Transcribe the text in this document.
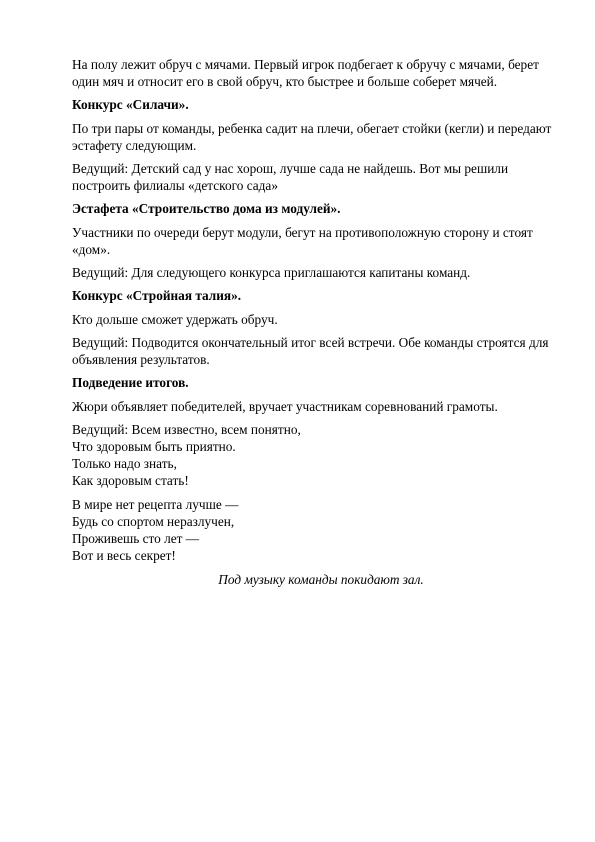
На полу лежит обруч с мячами. Первый игрок подбегает к обручу с мячами, берет один мяч и относит его в свой обруч, кто быстрее и больше соберет мячей.

Конкурс «Силачи».

По три пары от команды, ребенка садит на плечи, обегает стойки (кегли) и передают эстафету следующим.

Ведущий: Детский сад у нас хорош, лучше сада не найдешь. Вот мы решили построить филиалы «детского сада»

Эстафета «Строительство дома из модулей».

Участники по очереди берут модули, бегут на противоположную сторону и стоят «дом».

Ведущий: Для следующего конкурса приглашаются капитаны команд.

Конкурс «Стройная талия».

Кто дольше сможет удержать обруч.

Ведущий: Подводится окончательный итог всей встречи. Обе команды строятся для объявления результатов.

Подведение итогов.

Жюри объявляет победителей, вручает участникам соревнований грамоты.

Ведущий: Всем известно, всем понятно,
Что здоровым быть приятно.
Только надо знать,
Как здоровым стать!
В мире нет рецепта лучше —
Будь со спортом неразлучен,
Проживешь сто лет —
Вот и весь секрет!

Под музыку команды покидают зал.
